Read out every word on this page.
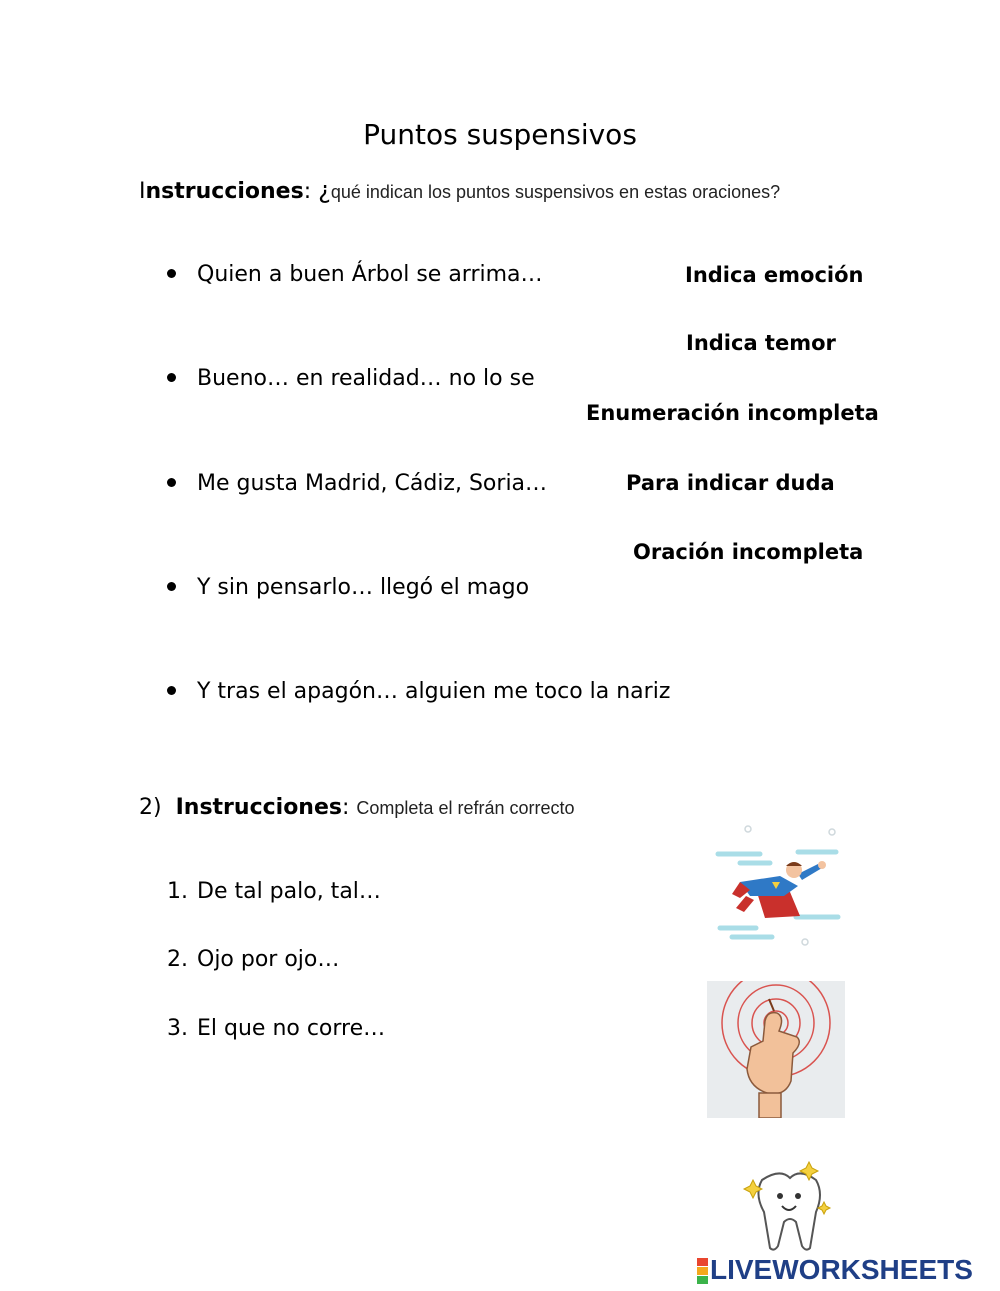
Puntos suspensivos
Instrucciones: ¿qué indican los puntos suspensivos en estas oraciones?
Quien a buen Árbol se arrima…
Bueno… en realidad… no lo se
Me gusta Madrid, Cádiz, Soria…
Y sin pensarlo… llegó el mago
Y tras el apagón… alguien me toco la nariz
Indica emoción
Indica temor
Enumeración incompleta
Para indicar duda
Oración incompleta
2) Instrucciones: Completa el refrán correcto
1. De tal palo, tal…
2. Ojo por ojo…
3. El que no corre…
LIVEWORKSHEETS
